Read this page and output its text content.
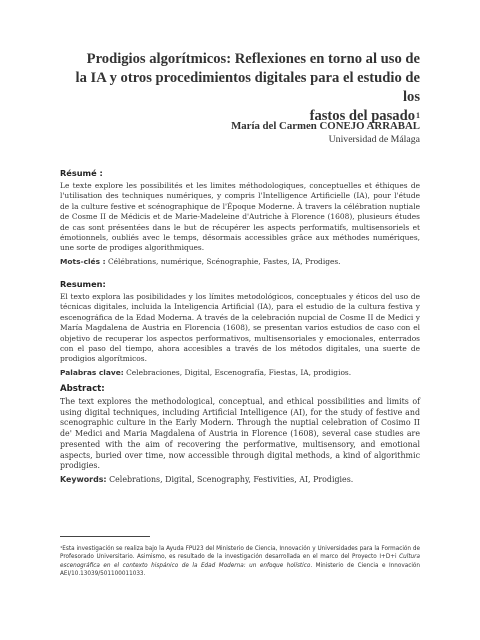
Prodigios algorítmicos: Reflexiones en torno al uso de
la IA y otros procedimientos digitales para el estudio de los
fastos del pasado$^1$
María del Carmen CONEJO ARRABAL
Universidad de Málaga
Résumé :

Le texte explore les possibilités et les limites méthodologiques, conceptuelles et éthiques de l'utilisation des techniques numériques, y compris l'Intelligence Artificielle (IA), pour l'étude de la culture festive et scénographique de l'Époque Moderne. À travers la célébration nuptiale de Cosme II de Médicis et de Marie-Madeleine d'Autriche à Florence (1608), plusieurs études de cas sont présentées dans le but de récupérer les aspects performatifs, multisensoriels et émotionnels, oubliés avec le temps, désormais accessibles grâce aux méthodes numériques, une sorte de prodiges algorithmiques.

Mots-clés : Célébrations, numérique, Scénographie, Fastes, IA, Prodiges.
Resumen:

El texto explora las posibilidades y los límites metodológicos, conceptuales y éticos del uso de técnicas digitales, incluida la Inteligencia Artificial (IA), para el estudio de la cultura festiva y escenográfica de la Edad Moderna. A través de la celebración nupcial de Cosme II de Medici y María Magdalena de Austria en Florencia (1608), se presentan varios estudios de caso con el objetivo de recuperar los aspectos performativos, multisensoriales y emocionales, enterrados con el paso del tiempo, ahora accesibles a través de los métodos digitales, una suerte de prodigios algorítmicos.

Palabras clave: Celebraciones, Digital, Escenografía, Fiestas, IA, prodigios.
Abstract:

The text explores the methodological, conceptual, and ethical possibilities and limits of using digital techniques, including Artificial Intelligence (AI), for the study of festive and scenographic culture in the Early Modern. Through the nuptial celebration of Cosimo II de' Medici and Maria Magdalena of Austria in Florence (1608), several case studies are presented with the aim of recovering the performative, multisensory, and emotional aspects, buried over time, now accessible through digital methods, a kind of algorithmic prodigies.

Keywords: Celebrations, Digital, Scenography, Festivities, AI, Prodigies.
¹Esta investigación se realiza bajo la Ayuda FPU23 del Ministerio de Ciencia, Innovación y Universidades para la Formación de Profesorado Universitario. Asimismo, es resultado de la investigación desarrollada en el marco del Proyecto I+D+i Cultura escenográfica en el contexto hispánico de la Edad Moderna: un enfoque holístico. Ministerio de Ciencia e Innovación AEI/10.13039/501100011033.
